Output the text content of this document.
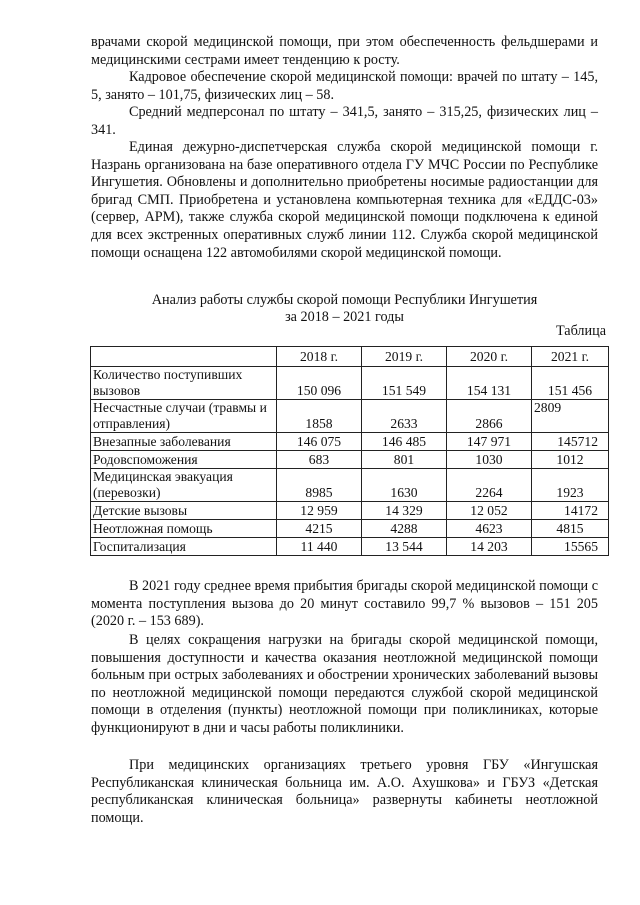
врачами скорой медицинской помощи, при этом обеспеченность фельдшерами и медицинскими сестрами имеет тенденцию к росту.

Кадровое обеспечение скорой медицинской помощи: врачей по штату – 145, 5, занято – 101,75, физических лиц – 58.

Средний медперсонал по штату – 341,5, занято – 315,25, физических лиц – 341.

Единая дежурно-диспетчерская служба скорой медицинской помощи г. Назрань организована на базе оперативного отдела ГУ МЧС России по Республике Ингушетия. Обновлены и дополнительно приобретены носимые радиостанции для бригад СМП. Приобретена и установлена компьютерная техника для «ЕДДС-03» (сервер, АРМ), также служба скорой медицинской помощи подключена к единой для всех экстренных оперативных служб линии 112. Служба скорой медицинской помощи оснащена 122 автомобилями скорой медицинской помощи.

Анализ работы службы скорой помощи Республики Ингушетия

за 2018 – 2021 годы

Таблица

	2018 г.	2019 г.	2020 г.	2021 г.
Количество поступивших вызовов	150 096	151 549	154 131	151 456
Несчастные случаи (травмы и отправления)	1858	2633	2866	2809
Внезапные заболевания	146 075	146 485	147 971	145712
Родовспоможения	683	801	1030	1012
Медицинская эвакуация (перевозки)	8985	1630	2264	1923
Детские вызовы	12 959	14 329	12 052	14172
Неотложная помощь	4215	4288	4623	4815
Госпитализация	11 440	13 544	14 203	15565

В 2021 году среднее время прибытия бригады скорой медицинской помощи с момента поступления вызова до 20 минут составило 99,7 % вызовов – 151 205 (2020 г. – 153 689).

В целях сокращения нагрузки на бригады скорой медицинской помощи, повышения доступности и качества оказания неотложной медицинской помощи больным при острых заболеваниях и обострении хронических заболеваний вызовы по неотложной медицинской помощи передаются службой скорой медицинской помощи в отделения (пункты) неотложной помощи при поликлиниках, которые функционируют в дни и часы работы поликлиники.

При медицинских организациях третьего уровня ГБУ «Ингушская Республиканская клиническая больница им. А.О. Ахушкова» и ГБУЗ «Детская республиканская клиническая больница» развернуты кабинеты неотложной помощи.
